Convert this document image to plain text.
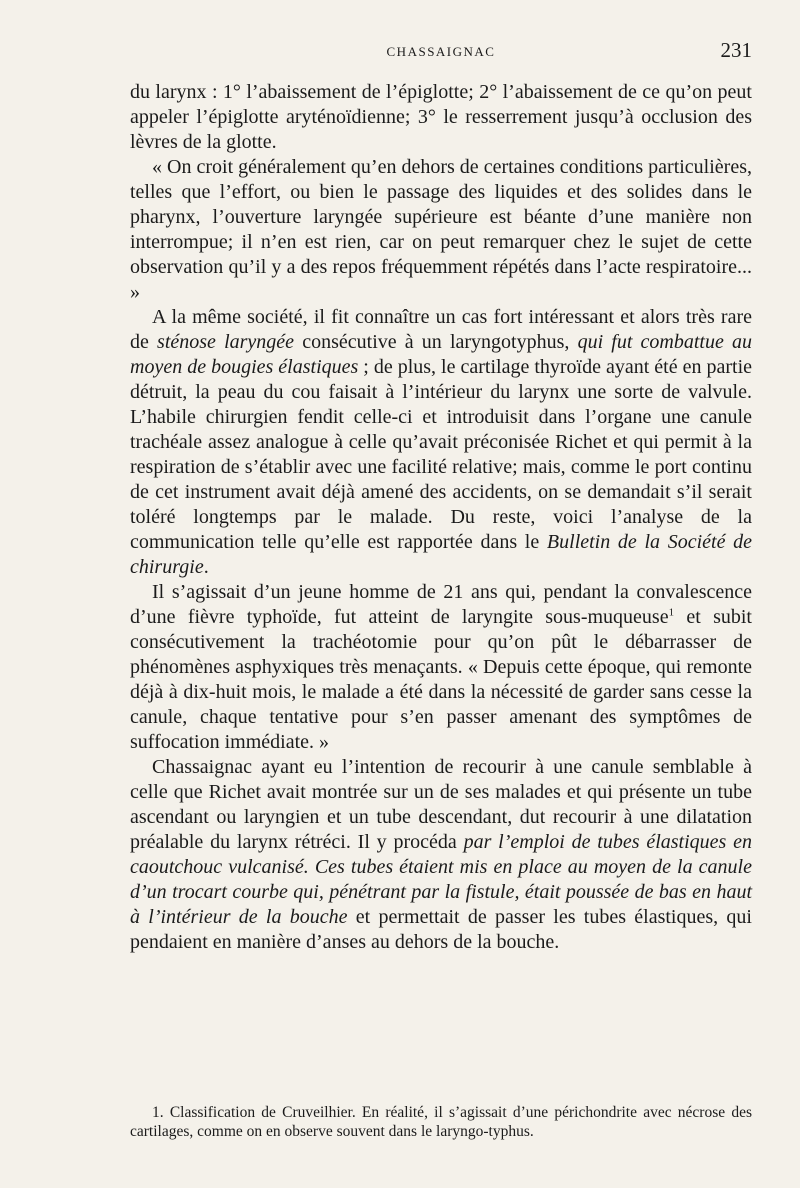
CHASSAIGNAC	231

du larynx : 1° l’abaissement de l’épiglotte; 2° l’abaissement de ce qu’on peut appeler l’épiglotte aryténoïdienne; 3° le resserrement jusqu’à occlusion des lèvres de la glotte.

« On croit généralement qu’en dehors de certaines conditions particulières, telles que l’effort, ou bien le passage des liquides et des solides dans le pharynx, l’ouverture laryngée supérieure est béante d’une manière non interrompue; il n’en est rien, car on peut remarquer chez le sujet de cette observation qu’il y a des repos fréquemment répétés dans l’acte respiratoire... »

A la même société, il fit connaître un cas fort intéressant et alors très rare de sténose laryngée consécutive à un laryngotyphus, qui fut combattue au moyen de bougies élastiques ; de plus, le cartilage thyroïde ayant été en partie détruit, la peau du cou faisait à l’intérieur du larynx une sorte de valvule. L’habile chirurgien fendit celle-ci et introduisit dans l’organe une canule trachéale assez analogue à celle qu’avait préconisée Richet et qui permit à la respiration de s’établir avec une facilité relative; mais, comme le port continu de cet instrument avait déjà amené des accidents, on se demandait s’il serait toléré longtemps par le malade. Du reste, voici l’analyse de la communication telle qu’elle est rapportée dans le Bulletin de la Société de chirurgie.

Il s’agissait d’un jeune homme de 21 ans qui, pendant la convalescence d’une fièvre typhoïde, fut atteint de laryngite sous-muqueuse$^1$ et subit consécutivement la trachéotomie pour qu’on pût le débarrasser de phénomènes asphyxiques très menaçants. « Depuis cette époque, qui remonte déjà à dix-huit mois, le malade a été dans la nécessité de garder sans cesse la canule, chaque tentative pour s’en passer amenant des symptômes de suffocation immédiate. »

Chassaignac ayant eu l’intention de recourir à une canule semblable à celle que Richet avait montrée sur un de ses malades et qui présente un tube ascendant ou laryngien et un tube descendant, dut recourir à une dilatation préalable du larynx rétréci. Il y procéda par l’emploi de tubes élastiques en caoutchouc vulcanisé. Ces tubes étaient mis en place au moyen de la canule d’un trocart courbe qui, pénétrant par la fistule, était poussée de bas en haut à l’intérieur de la bouche et permettait de passer les tubes élastiques, qui pendaient en manière d’anses au dehors de la bouche.

1. Classification de Cruveilhier. En réalité, il s’agissait d’une périchondrite avec nécrose des cartilages, comme on en observe souvent dans le laryngo-typhus.
